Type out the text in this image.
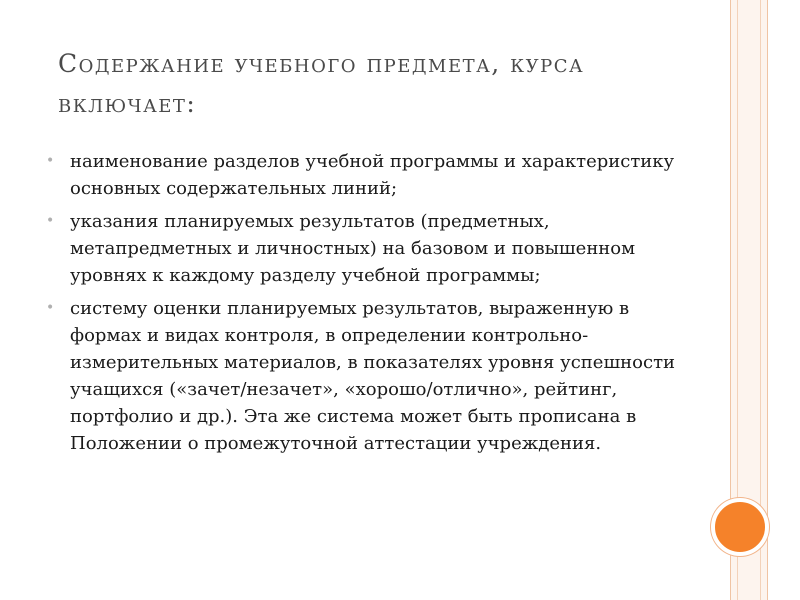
Содержание учебного предмета, курса включает:
• наименование разделов учебной программы и характеристику основных содержательных линий;
• указания планируемых результатов (предметных, метапредметных и личностных) на базовом и повышенном уровнях к каждому разделу учебной программы;
• систему оценки планируемых результатов, выраженную в формах и видах контроля, в определении контрольно-измерительных материалов, в показателях уровня успешности учащихся («зачет/незачет», «хорошо/отлично», рейтинг, портфолио и др.). Эта же система может быть прописана в Положении о промежуточной аттестации учреждения.
